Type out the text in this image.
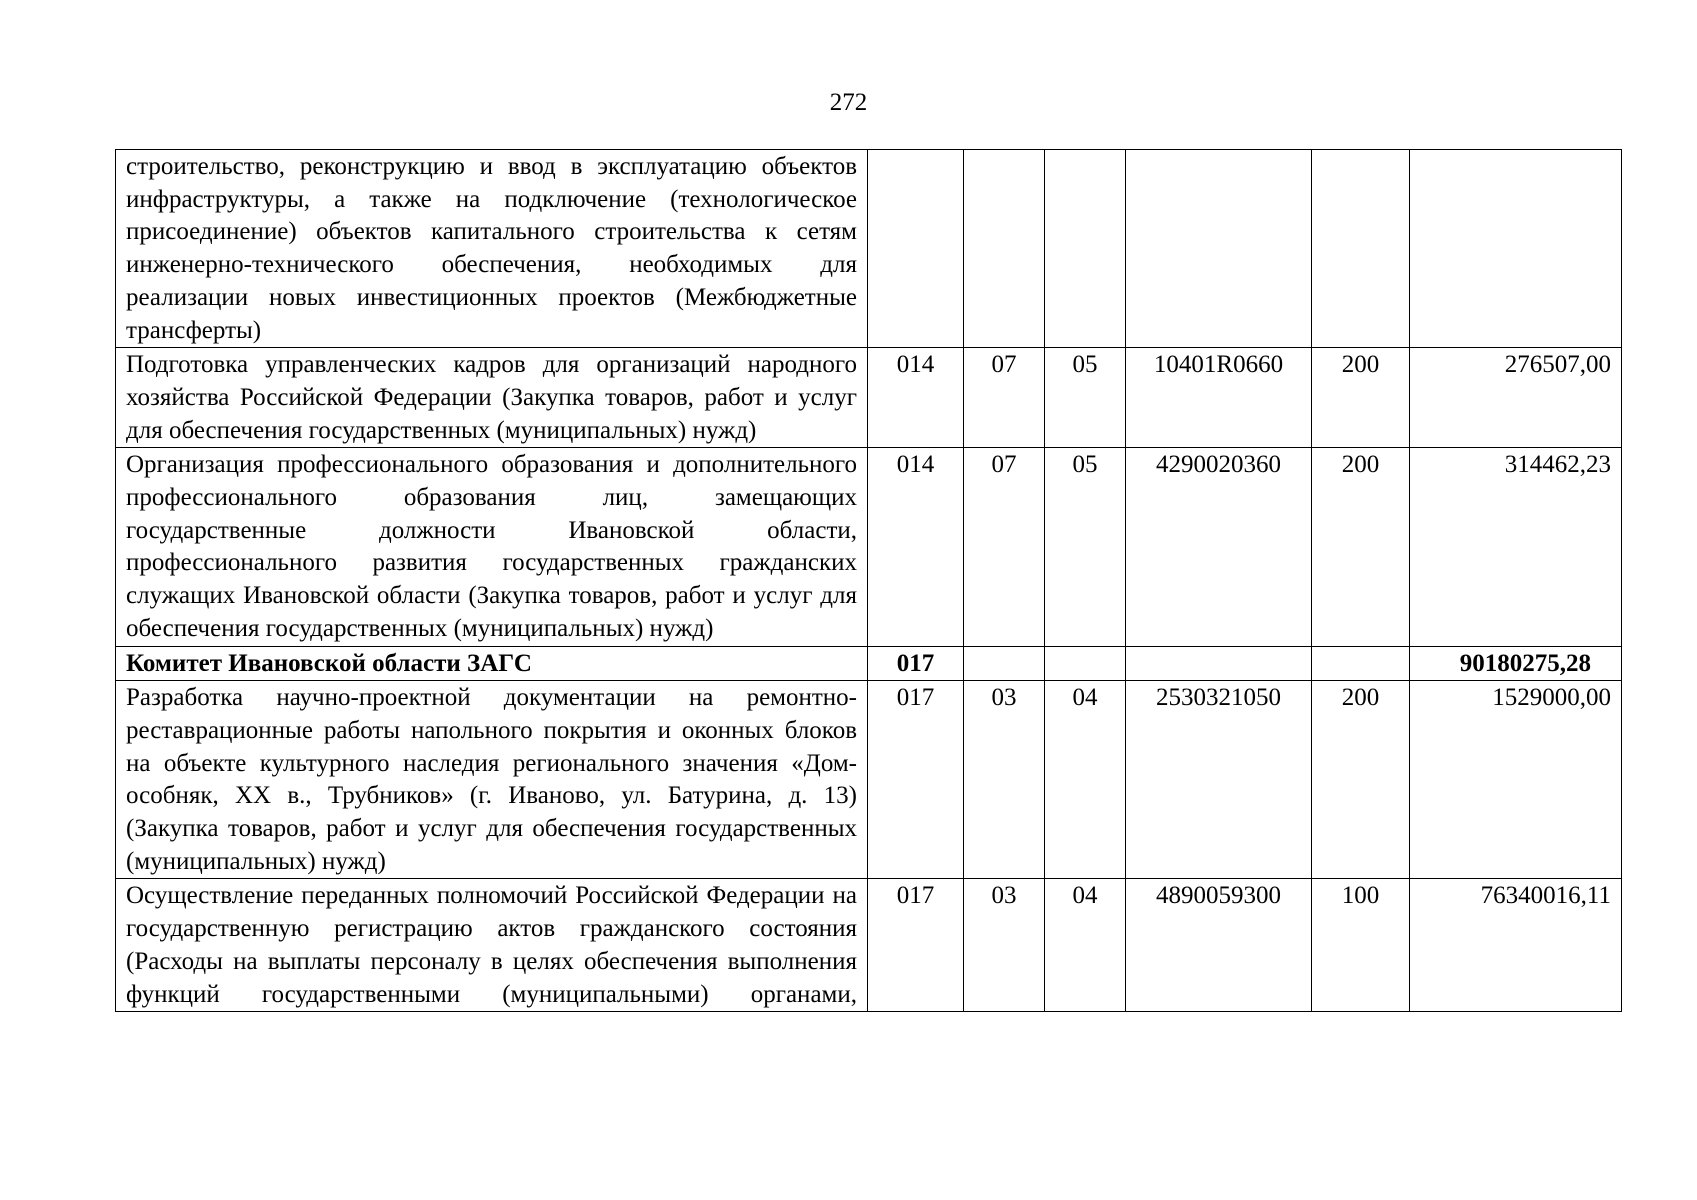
272
строительство, реконструкцию и ввод в эксплуатацию объектов инфраструктуры, а также на подключение (технологическое присоединение) объектов капитального строительства к сетям инженерно-технического обеспечения, необходимых для реализации новых инвестиционных проектов (Межбюджетные трансферты)						
Подготовка управленческих кадров для организаций народного хозяйства Российской Федерации (Закупка товаров, работ и услуг для обеспечения государственных (муниципальных) нужд)	014	07	05	10401R0660	200	276507,00
Организация профессионального образования и дополнительного профессионального образования лиц, замещающих государственные должности Ивановской области, профессионального развития государственных гражданских служащих Ивановской области (Закупка товаров, работ и услуг для обеспечения государственных (муниципальных) нужд)	014	07	05	4290020360	200	314462,23
Комитет Ивановской области ЗАГС	017					90180275,28
Разработка научно-проектной документации на ремонтно-реставрационные работы напольного покрытия и оконных блоков на объекте культурного наследия регионального значения «Дом-особняк, XX в., Трубников» (г. Иваново, ул. Батурина, д. 13) (Закупка товаров, работ и услуг для обеспечения государственных (муниципальных) нужд)	017	03	04	2530321050	200	1529000,00
Осуществление переданных полномочий Российской Федерации на государственную регистрацию актов гражданского состояния (Расходы на выплаты персоналу в целях обеспечения выполнения функций государственными (муниципальными) органами,	017	03	04	4890059300	100	76340016,11
